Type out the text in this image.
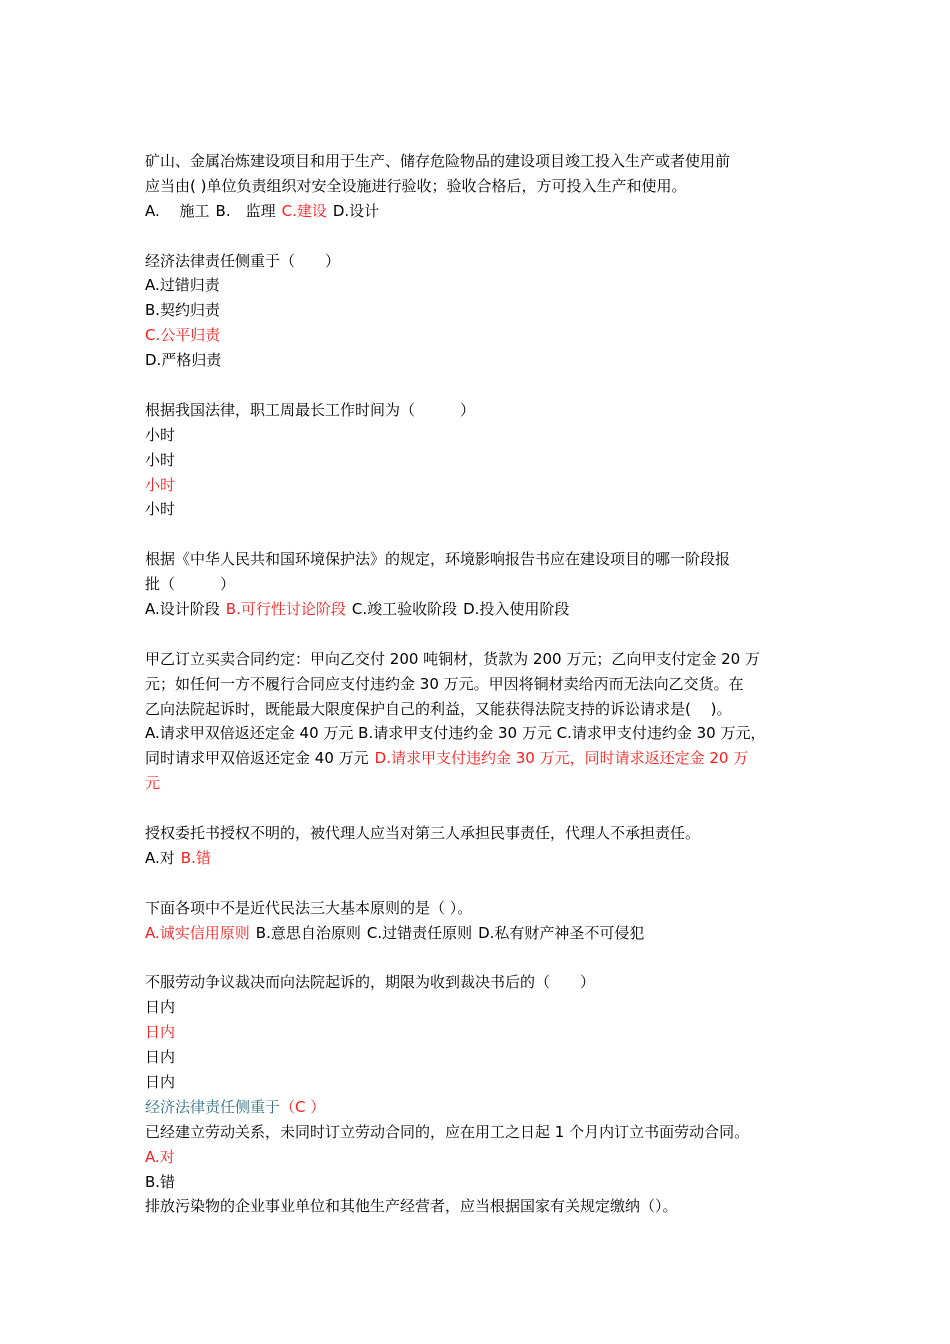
矿山、金属冶炼建设项目和用于生产、储存危险物品的建设项目竣工投入生产或者使用前
应当由( )单位负责组织对安全设施进行验收；验收合格后，方可投入生产和使用。
A.　 施工 B.　监理 C.建设 D.设计
经济法律责任侧重于（　　）
A.过错归责
B.契约归责
C.公平归责
D.严格归责
根据我国法律，职工周最长工作时间为（　　　）
小时
小时
小时
小时
根据《中华人民共和国环境保护法》的规定，环境影响报告书应在建设项目的哪一阶段报
批（　　　）
A.设计阶段 B.可行性讨论阶段 C.竣工验收阶段 D.投入使用阶段
甲乙订立买卖合同约定：甲向乙交付 200 吨铜材，货款为 200 万元；乙向甲支付定金 20 万
元；如任何一方不履行合同应支付违约金 30 万元。甲因将铜材卖给丙而无法向乙交货。在
乙向法院起诉时，既能最大限度保护自己的利益，又能获得法院支持的诉讼请求是(　 )。
A.请求甲双倍返还定金 40 万元 B.请求甲支付违约金 30 万元 C.请求甲支付违约金 30 万元，
同时请求甲双倍返还定金 40 万元 D.请求甲支付违约金 30 万元，同时请求返还定金 20 万
元
授权委托书授权不明的，被代理人应当对第三人承担民事责任，代理人不承担责任。
A.对 B.错
下面各项中不是近代民法三大基本原则的是（ ）。
A.诚实信用原则 B.意思自治原则 C.过错责任原则 D.私有财产神圣不可侵犯
不服劳动争议裁决而向法院起诉的，期限为收到裁决书后的（　　）
日内
日内
日内
日内
经济法律责任侧重于（C ）
已经建立劳动关系，未同时订立劳动合同的，应在用工之日起 1 个月内订立书面劳动合同。
A.对
B.错
排放污染物的企业事业单位和其他生产经营者，应当根据国家有关规定缴纳（）。
